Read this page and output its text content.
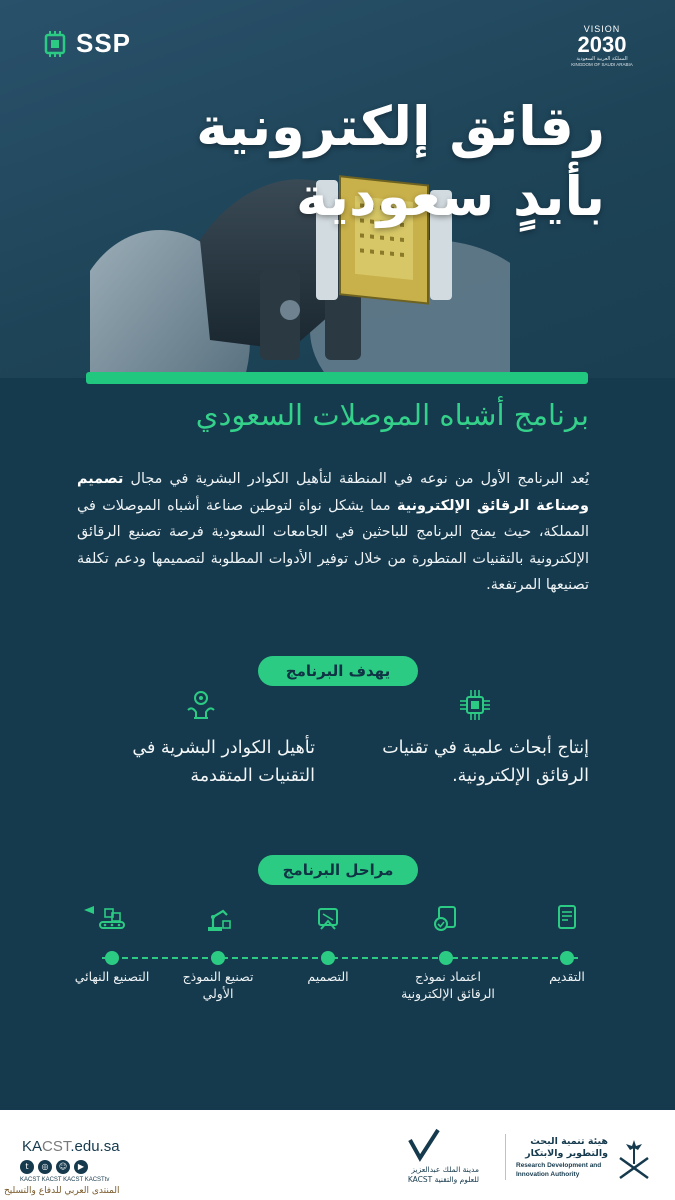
SSP	VISION
2030
المملكة العربية السعودية
KINGDOM OF SAUDI ARABIA
رقائق إلكترونية
بأيدٍ سعودية
برنامج أشباه الموصلات السعودي

يُعد البرنامج الأول من نوعه في المنطقة لتأهيل الكوادر البشرية في مجال تصميم وصناعة الرقائق الإلكترونية مما يشكل نواة لتوطين صناعة أشباه الموصلات في المملكة، حيث يمنح البرنامج للباحثين في الجامعات السعودية فرصة تصنيع الرقائق الإلكترونية بالتقنيات المتطورة من خلال توفير الأدوات المطلوبة لتصميمها ودعم تكلفة تصنيعها المرتفعة.

يهدف البرنامج
إنتاج أبحاث علمية في تقنيات الرقائق الإلكترونية.
تأهيل الكوادر البشرية في التقنيات المتقدمة
مراحل البرنامج
التقديم
اعتماد نموذج الرقائق الإلكترونية
التصميم
تصنيع النموذج الأولي
التصنيع النهائي
KACST.edu.sa
t	◎	☺	▶
KACST KACST KACST KACSTtv
المنتدى العربي للدفاع والتسليح
مدينة الملك عبدالعزيز للعلوم والتقنية KACST
هيئة تنمية البحث والتطوير والابتكار
Research Development and Innovation Authority
